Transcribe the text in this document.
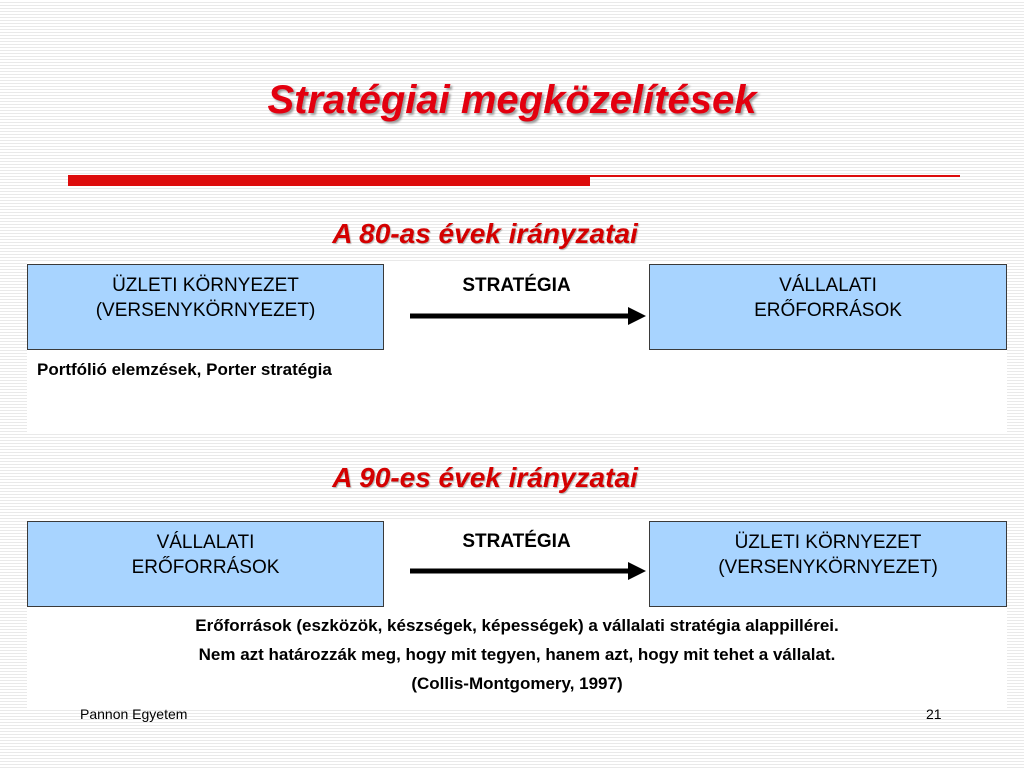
Stratégiai megközelítések
A 80-as évek irányzatai
ÜZLETI KÖRNYEZET
(VERSENYKÖRNYEZET)
STRATÉGIA	VÁLLALATI
ERŐFORRÁSOK
Portfólió elemzések, Porter stratégia
A 90-es évek irányzatai
VÁLLALATI
ERŐFORRÁSOK
STRATÉGIA	ÜZLETI KÖRNYEZET
(VERSENYKÖRNYEZET)
Erőforrások (eszközök, készségek, képességek) a vállalati stratégia alappillérei.
Nem azt határozzák meg, hogy mit tegyen, hanem azt, hogy mit tehet a vállalat.
(Collis-Montgomery, 1997)
Pannon Egyetem	21
